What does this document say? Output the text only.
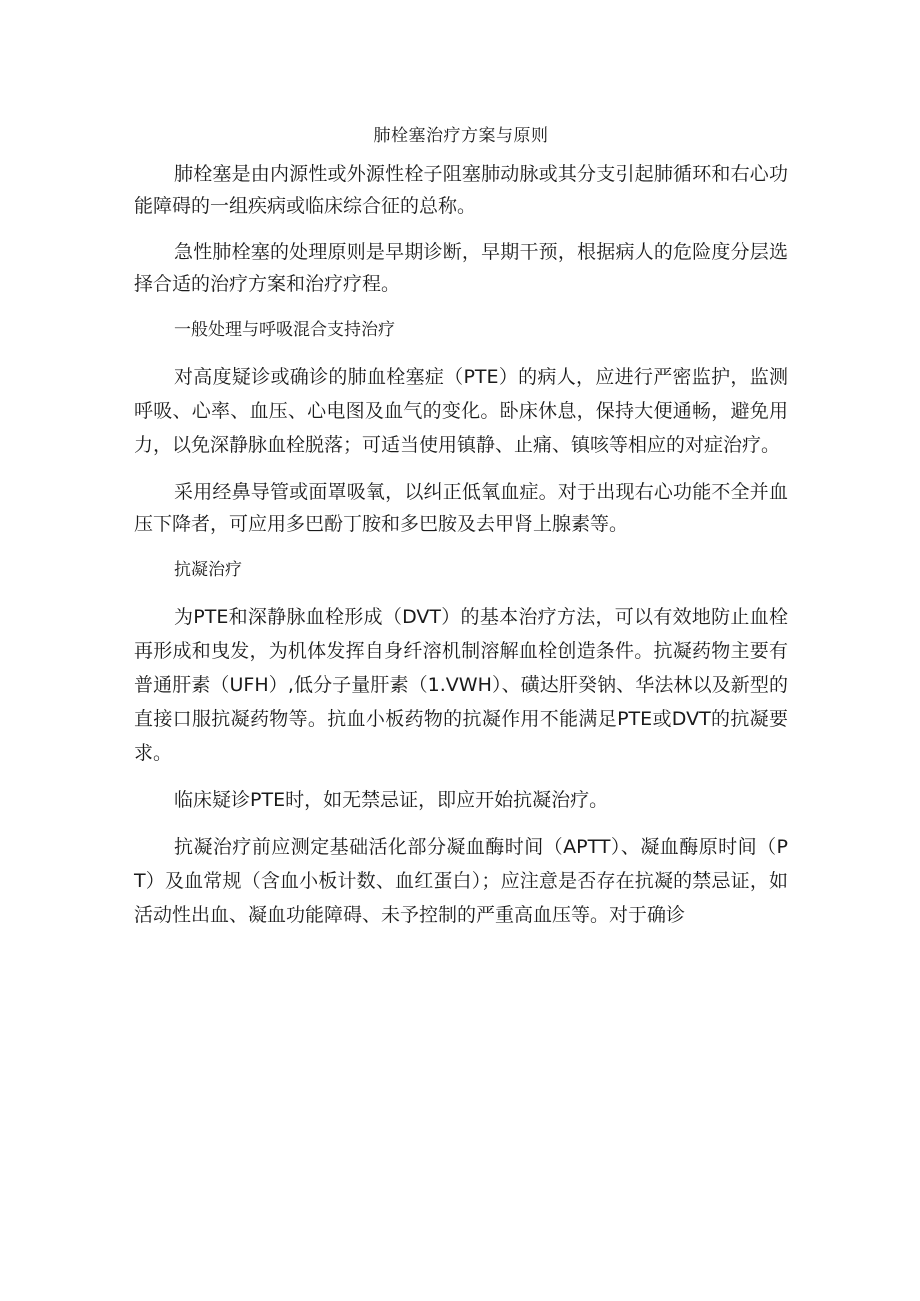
肺栓塞治疗方案与原则

肺栓塞是由内源性或外源性栓子阻塞肺动脉或其分支引起肺循环和右心功能障碍的一组疾病或临床综合征的总称。

急性肺栓塞的处理原则是早期诊断，早期干预，根据病人的危险度分层选择合适的治疗方案和治疗疗程。

一般处理与呼吸混合支持治疗

对高度疑诊或确诊的肺血栓塞症（PTE）的病人，应进行严密监护，监测呼吸、心率、血压、心电图及血气的变化。卧床休息，保持大便通畅，避免用力，以免深静脉血栓脱落；可适当使用镇静、止痛、镇咳等相应的对症治疗。

采用经鼻导管或面罩吸氧，以纠正低氧血症。对于出现右心功能不全并血压下降者，可应用多巴酚丁胺和多巴胺及去甲肾上腺素等。

抗凝治疗

为PTE和深静脉血栓形成（DVT）的基本治疗方法，可以有效地防止血栓再形成和曳发，为机体发挥自身纤溶机制溶解血栓创造条件。抗凝药物主要有普通肝素（UFH）,低分子量肝素（1.VWH）、磺达肝癸钠、华法林以及新型的直接口服抗凝药物等。抗血小板药物的抗凝作用不能满足PTE或DVT的抗凝要求。

临床疑诊PTE时，如无禁忌证，即应开始抗凝治疗。

抗凝治疗前应测定基础活化部分凝血酶时间（APTT）、凝血酶原时间（PT）及血常规（含血小板计数、血红蛋白）；应注意是否存在抗凝的禁忌证，如活动性出血、凝血功能障碍、未予控制的严重高血压等。对于确诊
